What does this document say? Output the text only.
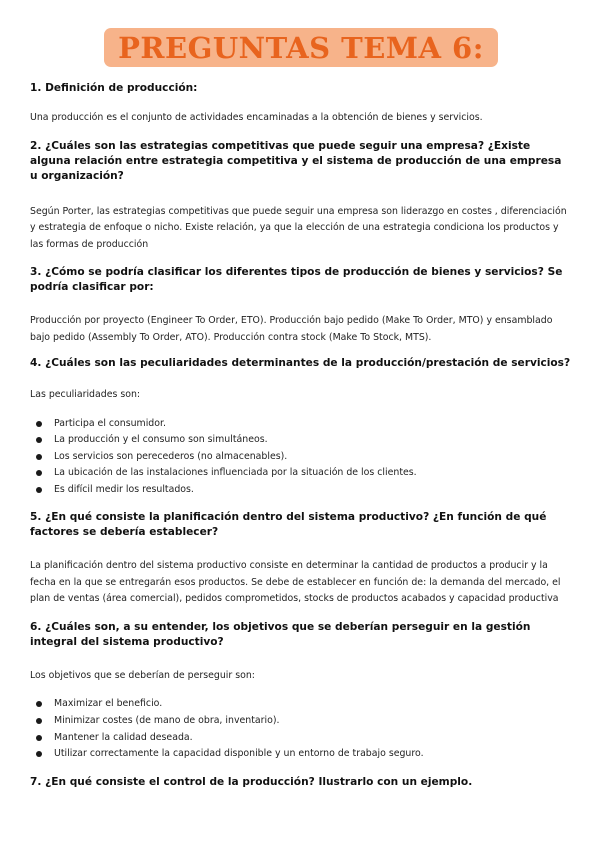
PREGUNTAS TEMA 6:

1. Definición de producción:

Una producción es el conjunto de actividades encaminadas a la obtención de bienes y servicios.

2. ¿Cuáles son las estrategias competitivas que puede seguir una empresa? ¿Existe alguna relación entre estrategia competitiva y el sistema de producción de una empresa u organización?

Según Porter, las estrategias competitivas que puede seguir una empresa son liderazgo en costes , diferenciación y estrategia de enfoque o nicho. Existe relación, ya que la elección de una estrategia condiciona los productos y las formas de producción

3. ¿Cómo se podría clasificar los diferentes tipos de producción de bienes y servicios? Se podría clasificar por:

Producción por proyecto (Engineer To Order, ETO). Producción bajo pedido (Make To Order, MTO) y ensamblado bajo pedido (Assembly To Order, ATO). Producción contra stock (Make To Stock, MTS).

4. ¿Cuáles son las peculiaridades determinantes de la producción/prestación de servicios?

Las peculiaridades son:

Participa el consumidor.
La producción y el consumo son simultáneos.
Los servicios son perecederos (no almacenables).
La ubicación de las instalaciones influenciada por la situación de los clientes.
Es difícil medir los resultados.

5. ¿En qué consiste la planificación dentro del sistema productivo? ¿En función de qué factores se debería establecer?

La planificación dentro del sistema productivo consiste en determinar la cantidad de productos a producir y la fecha en la que se entregarán esos productos. Se debe de establecer en función de: la demanda del mercado, el plan de ventas (área comercial), pedidos comprometidos, stocks de productos acabados y capacidad productiva

6. ¿Cuáles son, a su entender, los objetivos que se deberían perseguir en la gestión integral del sistema productivo?

Los objetivos que se deberían de perseguir son:

Maximizar el beneficio.
Minimizar costes (de mano de obra, inventario).
Mantener la calidad deseada.
Utilizar correctamente la capacidad disponible y un entorno de trabajo seguro.

7. ¿En qué consiste el control de la producción? Ilustrarlo con un ejemplo.
